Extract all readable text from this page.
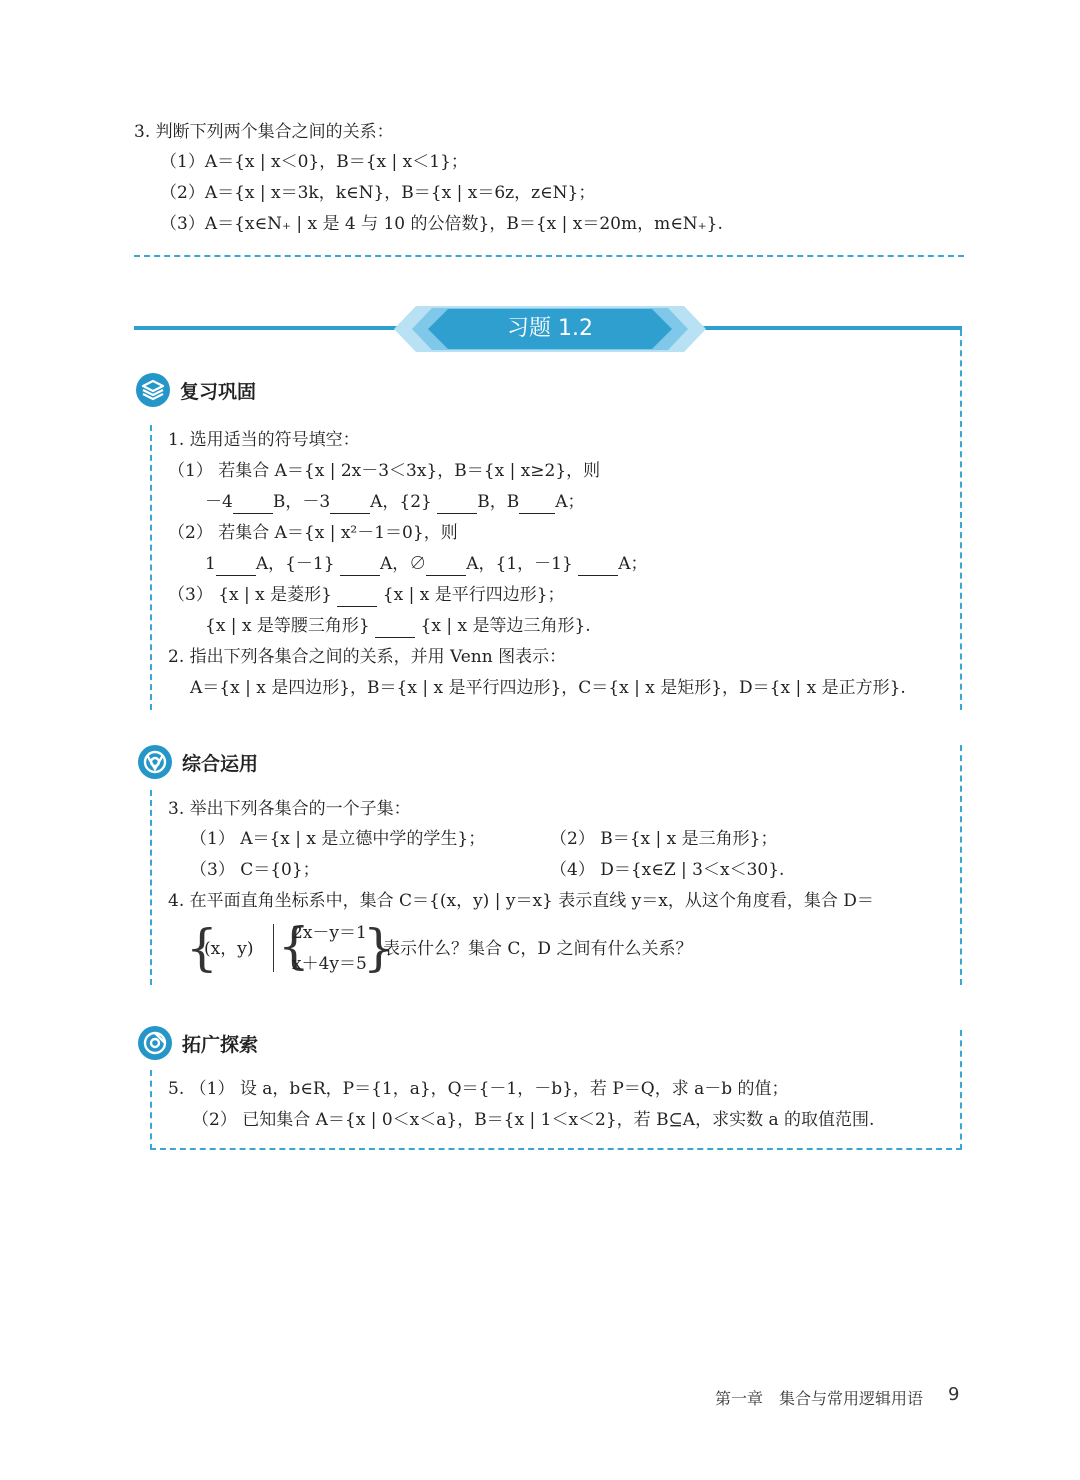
3. 判断下列两个集合之间的关系：
（1）A＝{x | x＜0}，B＝{x | x＜1}；
（2）A＝{x | x＝3k，k∈N}，B＝{x | x＝6z，z∈N}；
（3）A＝{x∈N₊ | x 是 4 与 10 的公倍数}，B＝{x | x＝20m，m∈N₊}.
习题 1.2
复习巩固
1. 选用适当的符号填空：
（1） 若集合 A＝{x | 2x－3＜3x}，B＝{x | x≥2}，则
－4 B，－3 A，{2} B，B A；
（2） 若集合 A＝{x | x²－1＝0}，则
1 A，{－1} A，∅ A，{1，－1} A；
（3） {x | x 是菱形}  {x | x 是平行四边形}；
{x | x 是等腰三角形}  {x | x 是等边三角形}.
2. 指出下列各集合之间的关系，并用 Venn 图表示：
A＝{x | x 是四边形}，B＝{x | x 是平行四边形}，C＝{x | x 是矩形}，D＝{x | x 是正方形}.
综合运用
3. 举出下列各集合的一个子集：
（1） A＝{x | x 是立德中学的学生}；	（2） B＝{x | x 是三角形}；
（3） C＝{0}；	（4） D＝{x∈Z | 3＜x＜30}.
4. 在平面直角坐标系中，集合 C＝{(x，y) | y＝x} 表示直线 y＝x，从这个角度看，集合 D＝
{
(x，y) {
2x－y＝1
x＋4y＝5
}
表示什么？集合 C，D 之间有什么关系？
拓广探索
5. （1） 设 a，b∈R，P＝{1，a}，Q＝{－1，－b}，若 P＝Q，求 a－b 的值；
（2） 已知集合 A＝{x | 0＜x＜a}，B＝{x | 1＜x＜2}，若 B⊆A，求实数 a 的取值范围.
第一章　集合与常用逻辑用语 9
